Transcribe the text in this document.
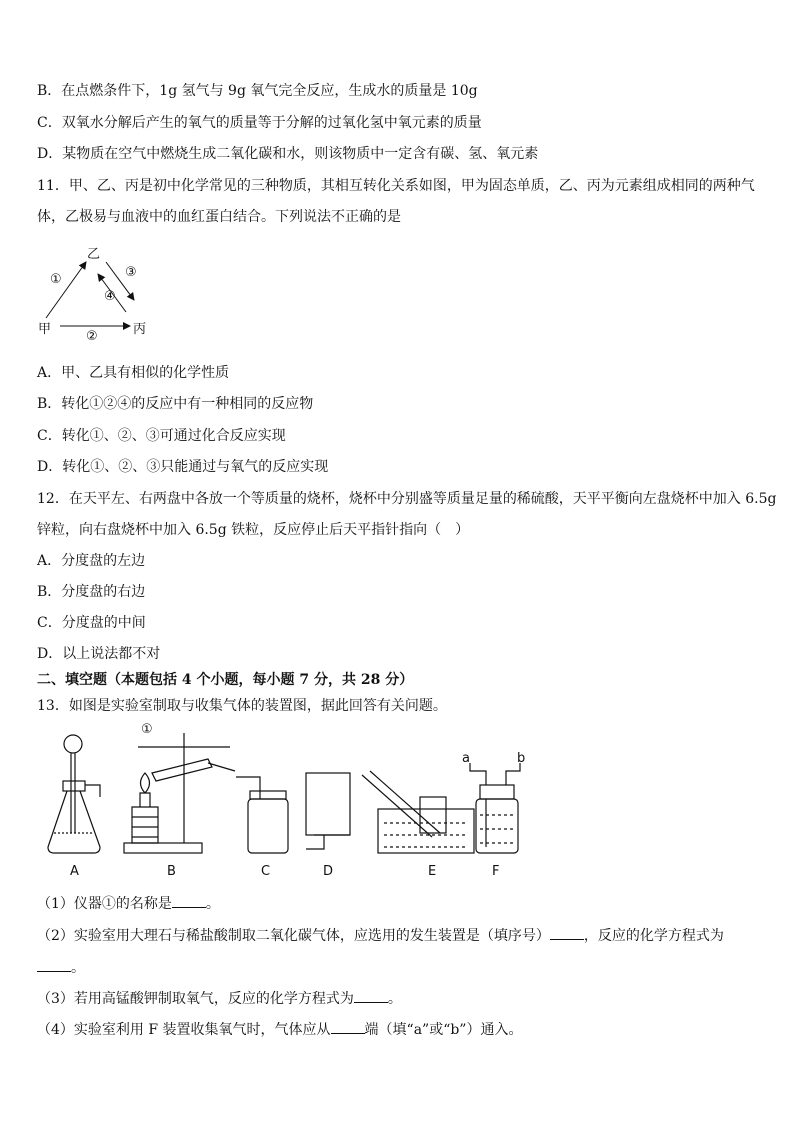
B．在点燃条件下，1g 氢气与 9g 氧气完全反应，生成水的质量是 10g
C．双氧水分解后产生的氧气的质量等于分解的过氧化氢中氧元素的质量
D．某物质在空气中燃烧生成二氧化碳和水，则该物质中一定含有碳、氢、氧元素
11．甲、乙、丙是初中化学常见的三种物质，其相互转化关系如图，甲为固态单质，乙、丙为元素组成相同的两种气
体，乙极易与血液中的血红蛋白结合。下列说法不正确的是
乙
甲	丙
①
②
③
④
A．甲、乙具有相似的化学性质
B．转化①②④的反应中有一种相同的反应物
C．转化①、②、③可通过化合反应实现
D．转化①、②、③只能通过与氧气的反应实现
12．在天平左、右两盘中各放一个等质量的烧杯，烧杯中分别盛等质量足量的稀硫酸，天平平衡向左盘烧杯中加入 6.5g
锌粒，向右盘烧杯中加入 6.5g 铁粒，反应停止后天平指针指向（　）
A．分度盘的左边
B．分度盘的右边
C．分度盘的中间
D．以上说法都不对
二、填空题（本题包括 4 个小题，每小题 7 分，共 28 分）
13．如图是实验室制取与收集气体的装置图，据此回答有关问题。
①
a	b
A	B	C	D	E	F
（1）仪器①的名称是 。
（2）实验室用大理石与稀盐酸制取二氧化碳气体，应选用的发生装置是（填序号） ，反应的化学方程式为
。
（3）若用高锰酸钾制取氧气，反应的化学方程式为 。
（4）实验室利用 F 装置收集氧气时，气体应从 端（填“a”或“b”）通入。
